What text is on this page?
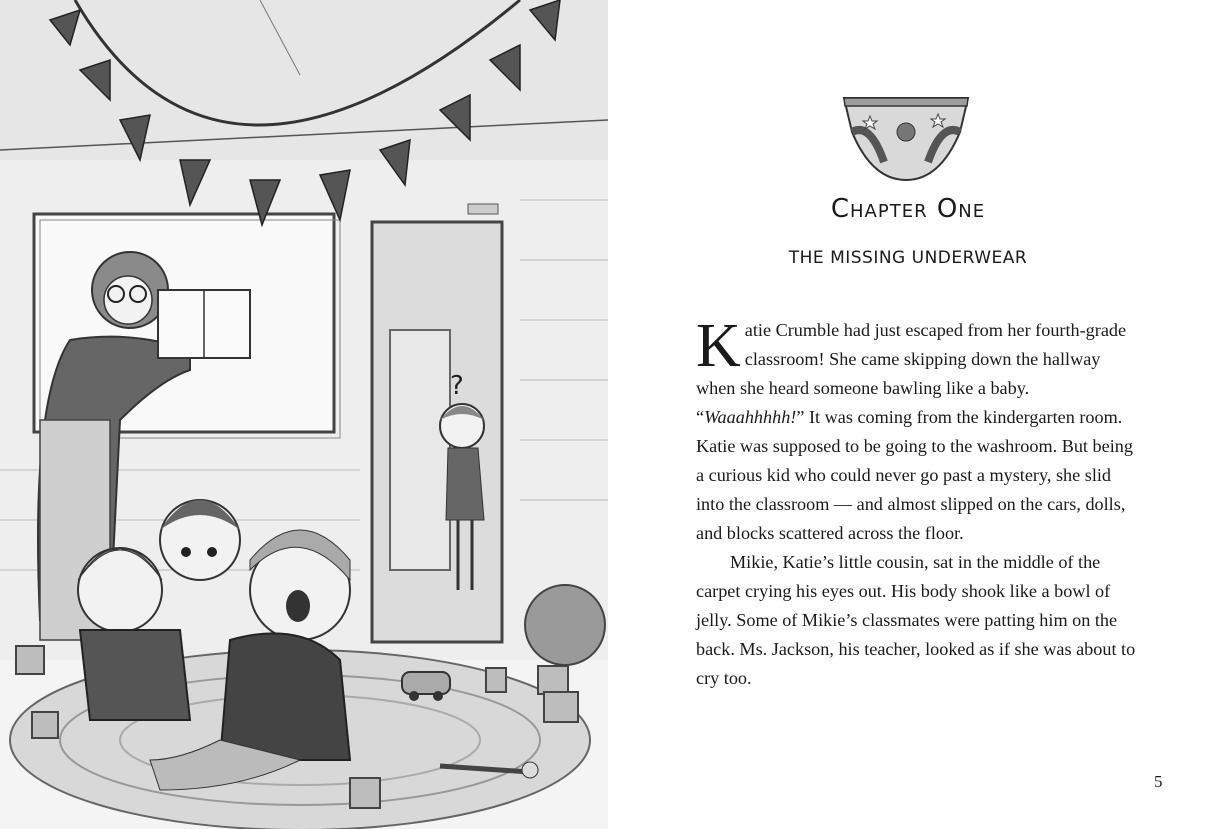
?
Chapter One
THE MISSING UNDERWEAR

Katie Crumble had just escaped from her fourth-grade classroom! She came skipping down the hallway when she heard someone bawling like a baby. “Waaahhhhh!” It was coming from the kindergarten room. Katie was supposed to be going to the washroom. But being a curious kid who could never go past a mystery, she slid into the classroom — and almost slipped on the cars, dolls, and blocks scattered across the floor.

Mikie, Katie’s little cousin, sat in the middle of the carpet crying his eyes out. His body shook like a bowl of jelly. Some of Mikie’s classmates were patting him on the back. Ms. Jackson, his teacher, looked as if she was about to cry too.

5
